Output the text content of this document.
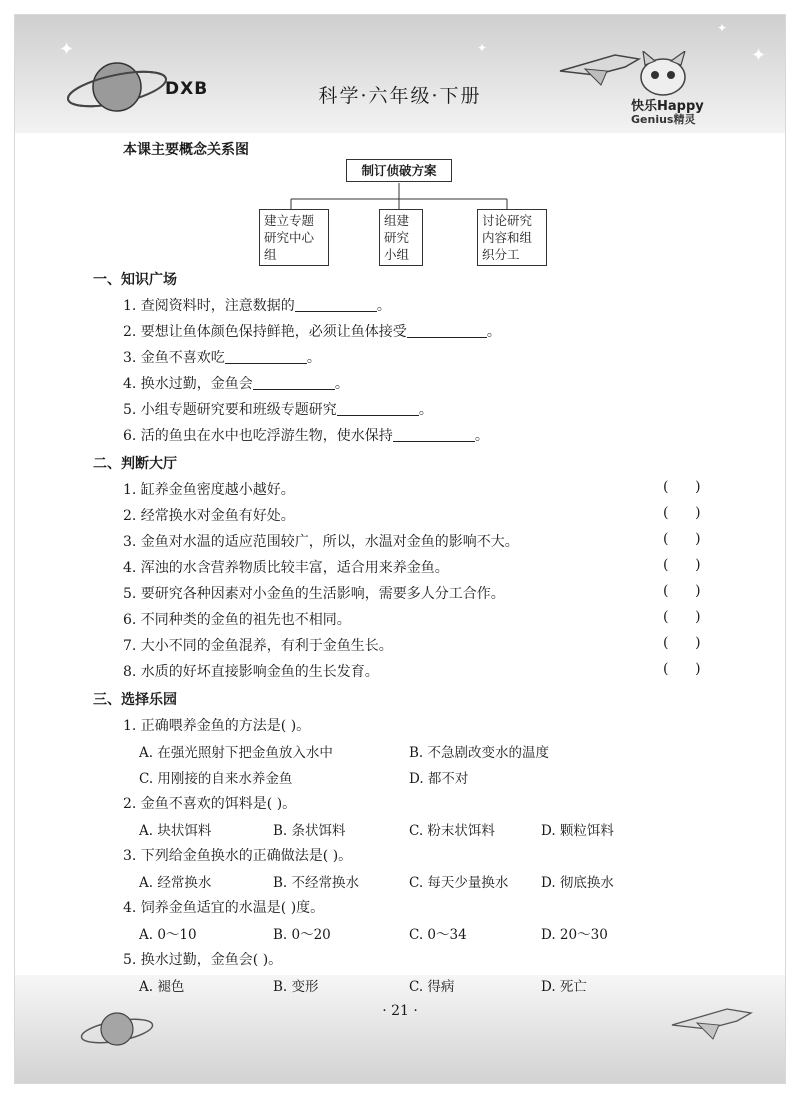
✦	✦	✦
✦
DXB	科学·六年级·下册	快乐Happy
Genius精灵
本课主要概念关系图
制订侦破方案
建立专题
研究中心
组
组建
研究
小组
讨论研究
内容和组
织分工
一、知识广场
1. 查阅资料时，注意数据的	。
2. 要想让鱼体颜色保持鲜艳，必须让鱼体接受	。
3. 金鱼不喜欢吃	。
4. 换水过勤，金鱼会	。
5. 小组专题研究要和班级专题研究	。
6. 活的鱼虫在水中也吃浮游生物，使水保持	。
二、判断大厅
1. 缸养金鱼密度越小越好。	(      )
2. 经常换水对金鱼有好处。	(      )
3. 金鱼对水温的适应范围较广，所以，水温对金鱼的影响不大。	(      )
4. 浑浊的水含营养物质比较丰富，适合用来养金鱼。	(      )
5. 要研究各种因素对小金鱼的生活影响，需要多人分工合作。	(      )
6. 不同种类的金鱼的祖先也不相同。	(      )
7. 大小不同的金鱼混养，有利于金鱼生长。	(      )
8. 水质的好坏直接影响金鱼的生长发育。	(      )
三、选择乐园
1. 正确喂养金鱼的方法是( )。
A. 在强光照射下把金鱼放入水中	B. 不急剧改变水的温度
C. 用刚接的自来水养金鱼	D. 都不对
2. 金鱼不喜欢的饵料是( )。
A. 块状饵料	B. 条状饵料	C. 粉末状饵料	D. 颗粒饵料
3. 下列给金鱼换水的正确做法是( )。
A. 经常换水	B. 不经常换水	C. 每天少量换水 D. 彻底换水
4. 饲养金鱼适宜的水温是( )度。
A. 0～10	B. 0～20	C. 0～34	D. 20～30
5. 换水过勤，金鱼会( )。
A. 褪色	B. 变形	C. 得病	D. 死亡
· 21 ·
